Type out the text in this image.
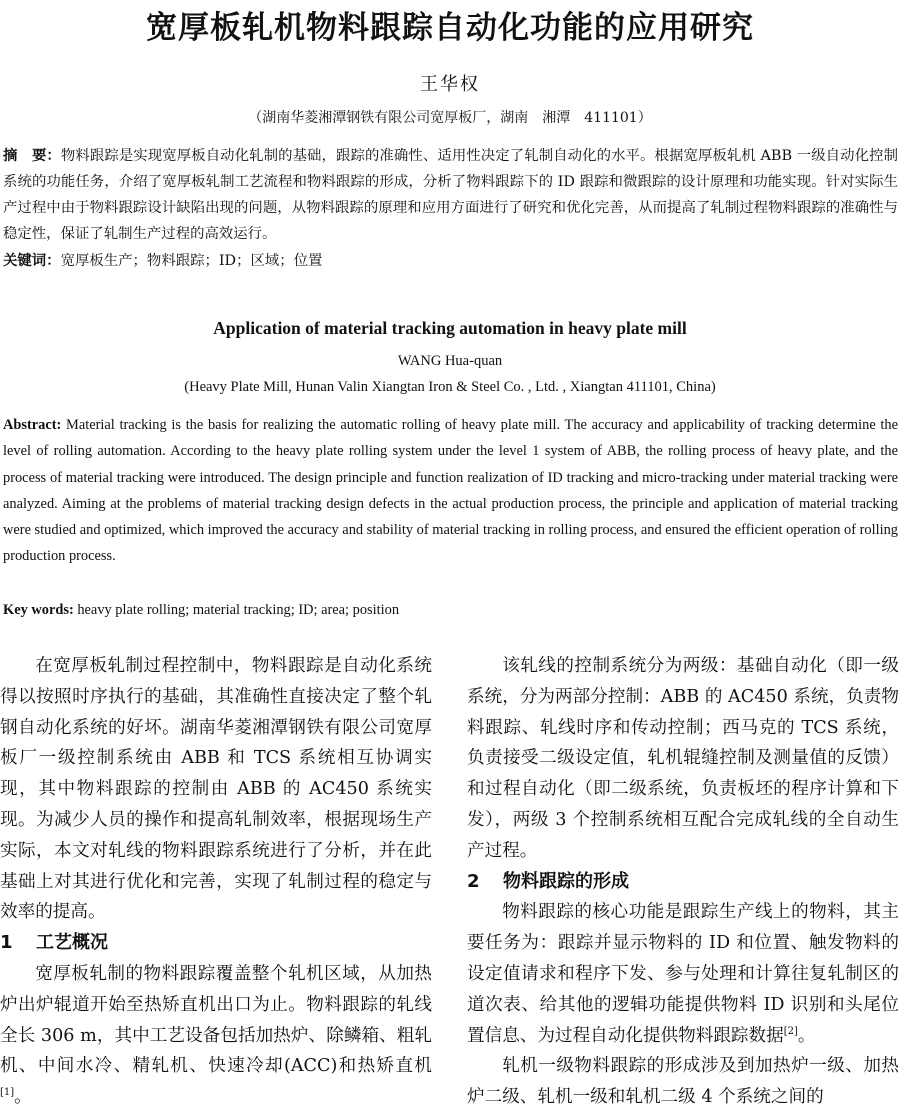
宽厚板轧机物料跟踪自动化功能的应用研究
王华权
（湖南华菱湘潭钢铁有限公司宽厚板厂，湖南　湘潭　411101）
摘　要：物料跟踪是实现宽厚板自动化轧制的基础，跟踪的准确性、适用性决定了轧制自动化的水平。根据宽厚板轧机 ABB 一级自动化控制系统的功能任务，介绍了宽厚板轧制工艺流程和物料跟踪的形成，分析了物料跟踪下的 ID 跟踪和微跟踪的设计原理和功能实现。针对实际生产过程中由于物料跟踪设计缺陷出现的问题，从物料跟踪的原理和应用方面进行了研究和优化完善，从而提高了轧制过程物料跟踪的准确性与稳定性，保证了轧制生产过程的高效运行。
关键词：宽厚板生产；物料跟踪；ID；区域；位置
Application of material tracking automation in heavy plate mill
WANG Hua-quan
(Heavy Plate Mill, Hunan Valin Xiangtan Iron & Steel Co. , Ltd. , Xiangtan 411101, China)
Abstract: Material tracking is the basis for realizing the automatic rolling of heavy plate mill. The accuracy and applicability of tracking determine the level of rolling automation. According to the heavy plate rolling system under the level 1 system of ABB, the rolling process of heavy plate, and the process of material tracking were introduced. The design principle and function realization of ID tracking and micro-tracking under material tracking were analyzed. Aiming at the problems of material tracking design defects in the actual production process, the principle and application of material tracking were studied and optimized, which improved the accuracy and stability of material tracking in rolling process, and ensured the efficient operation of rolling production process.
Key words: heavy plate rolling; material tracking; ID; area; position

在宽厚板轧制过程控制中，物料跟踪是自动化系统得以按照时序执行的基础，其准确性直接决定了整个轧钢自动化系统的好坏。湖南华菱湘潭钢铁有限公司宽厚板厂一级控制系统由 ABB 和 TCS 系统相互协调实现，其中物料跟踪的控制由 ABB 的 AC450 系统实现。为减少人员的操作和提高轧制效率，根据现场生产实际，本文对轧线的物料跟踪系统进行了分析，并在此基础上对其进行优化和完善，实现了轧制过程的稳定与效率的提高。

1 工艺概况

宽厚板轧制的物料跟踪覆盖整个轧机区域，从加热炉出炉辊道开始至热矫直机出口为止。物料跟踪的轧线全长 306 m，其中工艺设备包括加热炉、除鳞箱、粗轧机、中间水冷、精轧机、快速冷却(ACC)和热矫直机[1]。

该轧线的控制系统分为两级：基础自动化（即一级系统，分为两部分控制：ABB 的 AC450 系统，负责物料跟踪、轧线时序和传动控制；西马克的 TCS 系统，负责接受二级设定值，轧机辊缝控制及测量值的反馈）和过程自动化（即二级系统，负责板坯的程序计算和下发），两级 3 个控制系统相互配合完成轧线的全自动生产过程。

2 物料跟踪的形成

物料跟踪的核心功能是跟踪生产线上的物料，其主要任务为：跟踪并显示物料的 ID 和位置、触发物料的设定值请求和程序下发、参与处理和计算往复轧制区的道次表、给其他的逻辑功能提供物料 ID 识别和头尾位置信息、为过程自动化提供物料跟踪数据[2]。

轧机一级物料跟踪的形成涉及到加热炉一级、加热炉二级、轧机一级和轧机二级 4 个系统之间的
